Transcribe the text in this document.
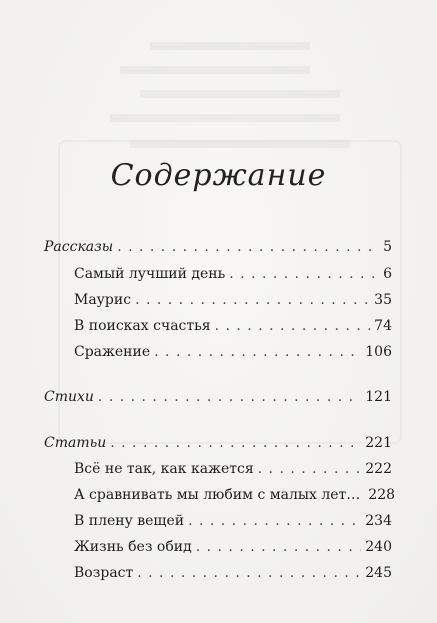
Содержание
Рассказы . . .	5
Самый лучший день . . .	6
Маурис . . .	35
В поисках счастья . . .	74
Сражение . . .	106
Стихи . . .	121
Статьи . . .	221
Всё не так, как кажется . . .	222
А сравнивать мы любим с малых лет… 228
В плену вещей . . .	234
Жизнь без обид . . .	240
Возраст . . .	245
